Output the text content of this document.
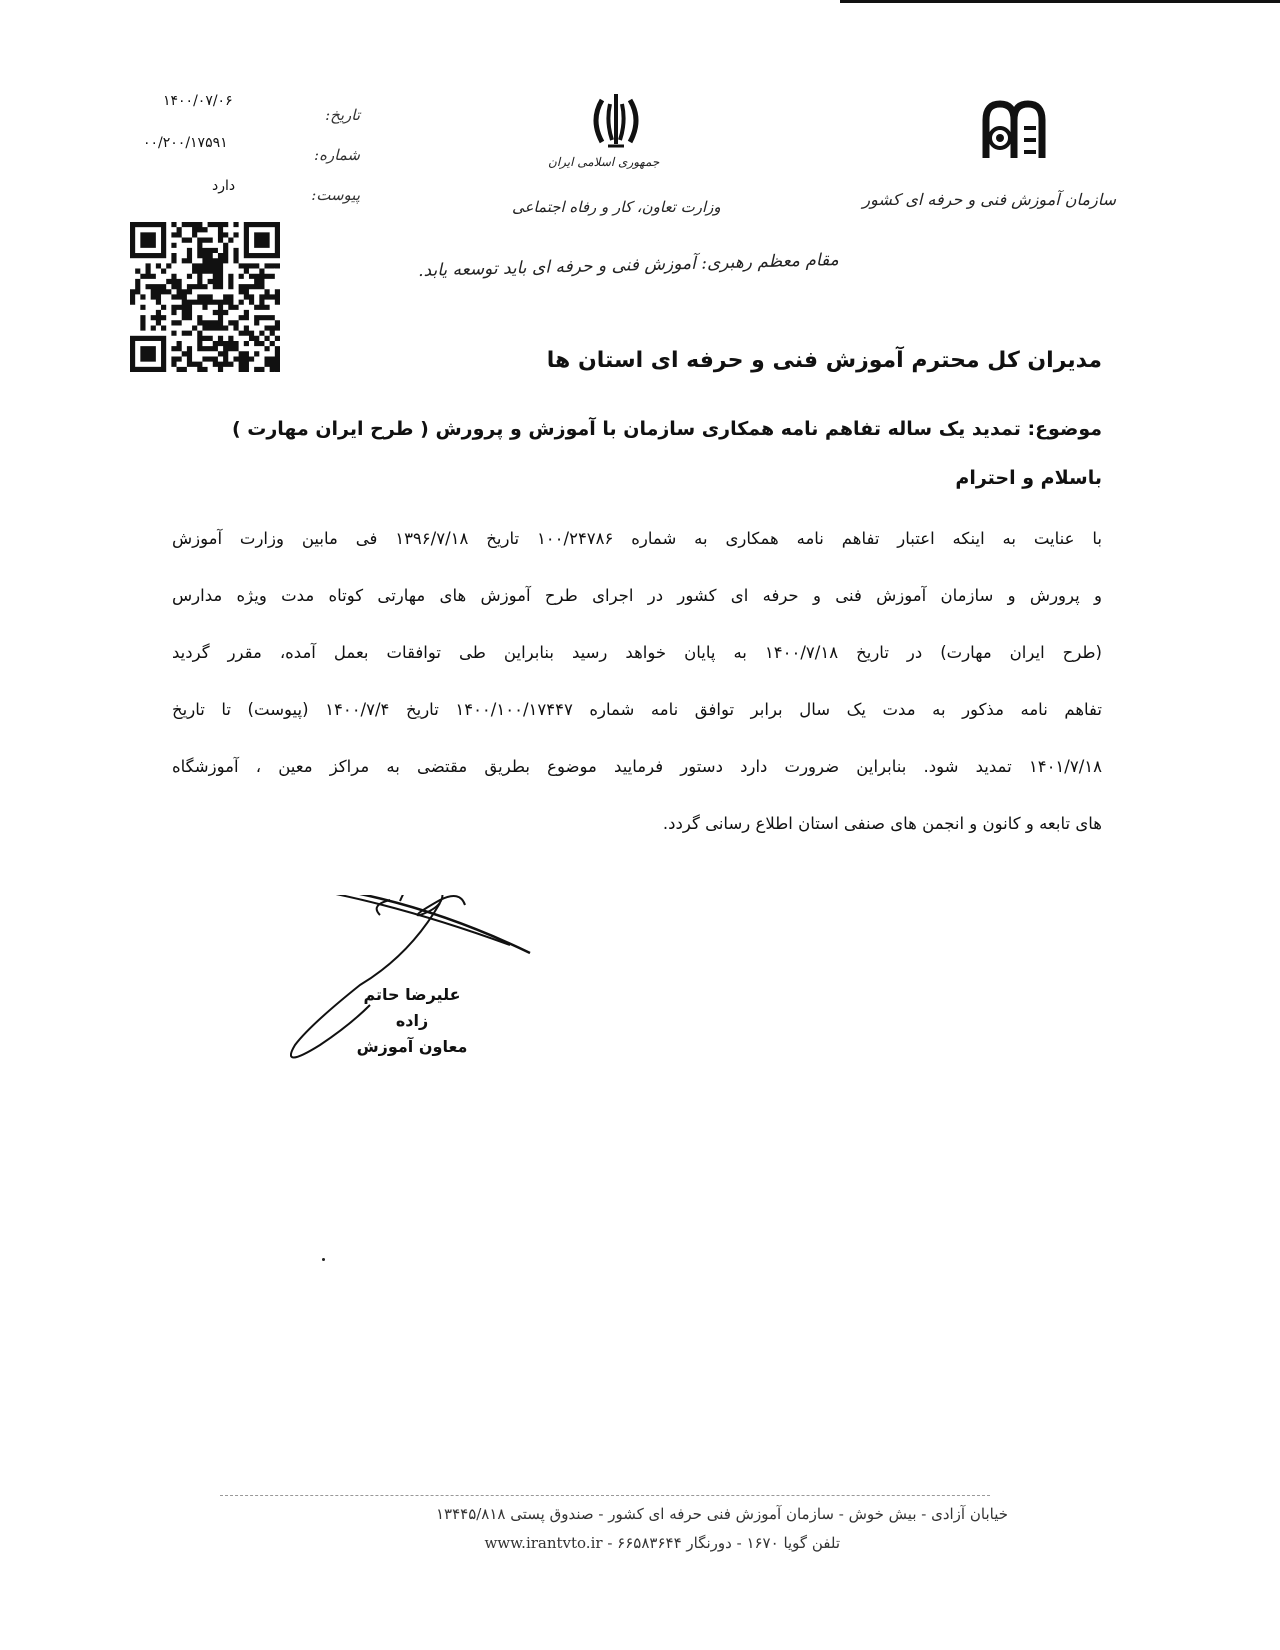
جمهوری اسلامی ایران
وزارت تعاون، کار و رفاه اجتماعی	سازمان آموزش فنی و حرفه ای کشور
مقام معظم رهبری: آموزش فنی و حرفه ای باید توسعه یابد.
تاریخ:
۱۴۰۰/۰۷/۰۶
شماره:
۰۰/۲۰۰/۱۷۵۹۱
پیوست:
دارد
مدیران کل محترم آموزش فنی و حرفه ای استان ها
موضوع: تمدید یک ساله تفاهم نامه همکاری سازمان با آموزش و پرورش ( طرح ایران مهارت )
باسلام و احترام
با عنایت به اینکه اعتبار تفاهم نامه همکاری به شماره ۱۰۰/۲۴۷۸۶ تاریخ ۱۳۹۶/۷/۱۸ فی مابین وزارت آموزش
و پرورش و سازمان آموزش فنی و حرفه ای کشور در اجرای طرح آموزش های مهارتی کوتاه مدت ویژه مدارس
(طرح ایران مهارت) در تاریخ ۱۴۰۰/۷/۱۸ به پایان خواهد رسید بنابراین طی توافقات بعمل آمده، مقرر گردید
تفاهم نامه مذکور به مدت یک سال برابر توافق نامه شماره ۱۴۰۰/۱۰۰/۱۷۴۴۷ تاریخ ۱۴۰۰/۷/۴ (پیوست) تا تاریخ
۱۴۰۱/۷/۱۸ تمدید شود. بنابراین ضرورت دارد دستور فرمایید موضوع بطریق مقتضی به مراکز معین ، آموزشگاه
های تابعه و کانون و انجمن های صنفی استان اطلاع رسانی گردد.
علیرضا حاتم زاده
معاون آموزش
خیابان آزادی - بیش خوش - سازمان آموزش فنی حرفه ای کشور - صندوق پستی ۱۳۴۴۵/۸۱۸
تلفن گویا ۱۶۷۰ - دورنگار ۶۶۵۸۳۶۴۴ - www.irantvto.ir
